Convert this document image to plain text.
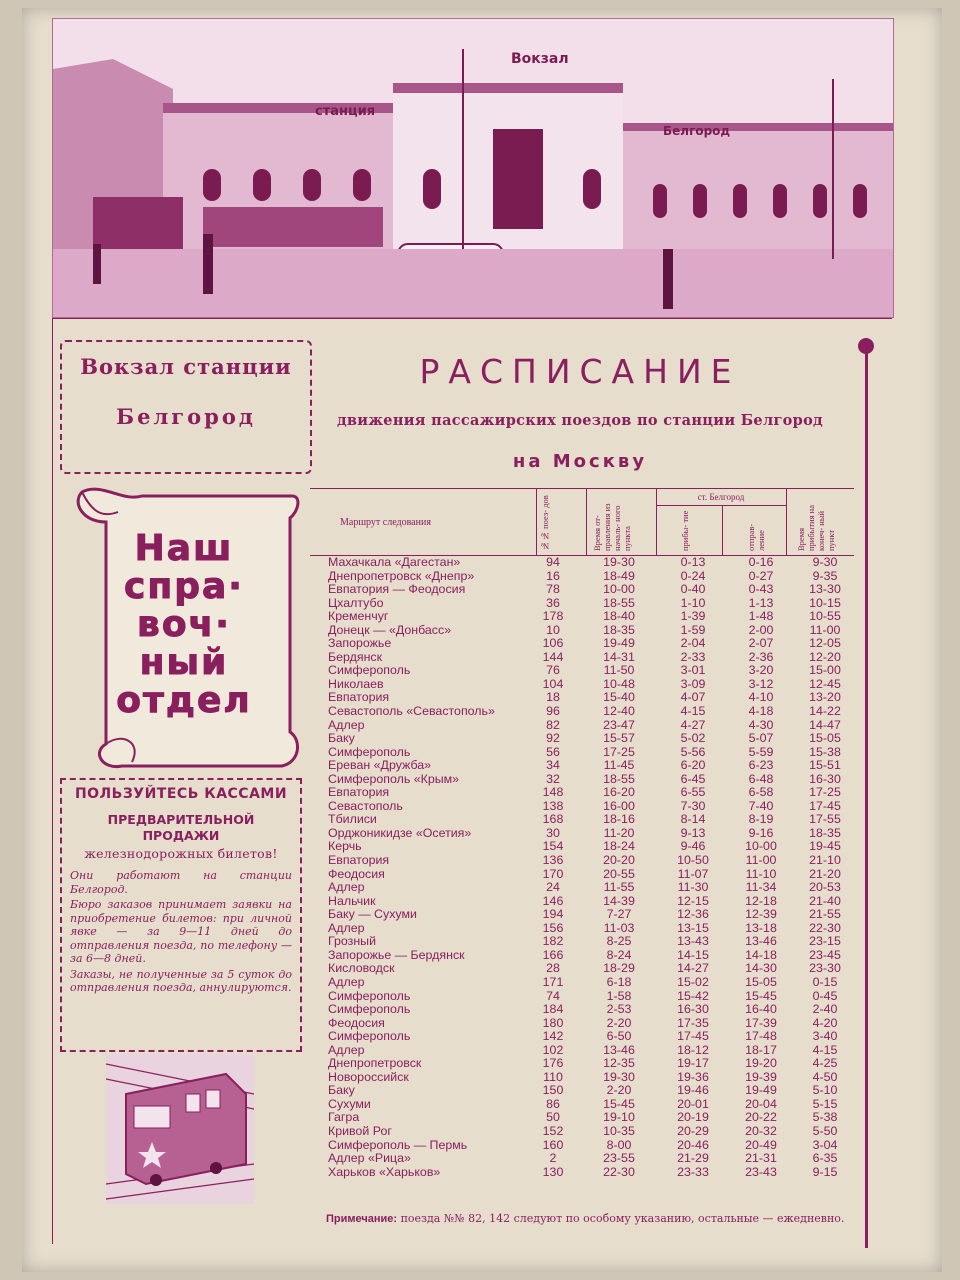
Вокзал
станция
Белгород
Вокзал станции
Белгород
Наш
спра·
воч·
ный
отдел
ПОЛЬЗУЙТЕСЬ КАССАМИ
ПРЕДВАРИТЕЛЬНОЙ
ПРОДАЖИ
железнодорожных билетов!
Они работают на станции Белгород.
Бюро заказов принимает заявки на приобретение билетов: при личной явке — за 9—11 дней до отправления поезда, по телефону — за 6—8 дней.
Заказы, не полученные за 5 суток до отправления поезда, аннулируются.
РАСПИСАНИЕ
движения пассажирских поездов по станции Белгород
на Москву
Маршрут следования	№№ поез- дов	Время от- правления из началь- ного пункта
ст. Белгород
прибы- тие	отправ- ление	Время прибытия на конеч- ный пункт
Махачкала «Дагестан»	94	19-30	0-13	0-16	9-30
Днепропетровск «Днепр»	16	18-49	0-24	0-27	9-35
Евпатория — Феодосия	78	10-00	0-40	0-43	13-30
Цхалтубо	36	18-55	1-10	1-13	10-15
Кременчуг	178	18-40	1-39	1-48	10-55
Донецк — «Донбасс»	10	18-35	1-59	2-00	11-00
Запорожье	106	19-49	2-04	2-07	12-05
Бердянск	144	14-31	2-33	2-36	12-20
Симферополь	76	11-50	3-01	3-20	15-00
Николаев	104	10-48	3-09	3-12	12-45
Евпатория	18	15-40	4-07	4-10	13-20
Севастополь «Севастополь»	96	12-40	4-15	4-18	14-22
Адлер	82	23-47	4-27	4-30	14-47
Баку	92	15-57	5-02	5-07	15-05
Симферополь	56	17-25	5-56	5-59	15-38
Ереван «Дружба»	34	11-45	6-20	6-23	15-51
Симферополь «Крым»	32	18-55	6-45	6-48	16-30
Евпатория	148	16-20	6-55	6-58	17-25
Севастополь	138	16-00	7-30	7-40	17-45
Тбилиси	168	18-16	8-14	8-19	17-55
Орджоникидзе «Осетия»	30	11-20	9-13	9-16	18-35
Керчь	154	18-24	9-46	10-00	19-45
Евпатория	136	20-20	10-50	11-00	21-10
Феодосия	170	20-55	11-07	11-10	21-20
Адлер	24	11-55	11-30	11-34	20-53
Нальчик	146	14-39	12-15	12-18	21-40
Баку — Сухуми	194	7-27	12-36	12-39	21-55
Адлер	156	11-03	13-15	13-18	22-30
Грозный	182	8-25	13-43	13-46	23-15
Запорожье — Бердянск	166	8-24	14-15	14-18	23-45
Кисловодск	28	18-29	14-27	14-30	23-30
Адлер	171	6-18	15-02	15-05	0-15
Симферополь	74	1-58	15-42	15-45	0-45
Симферополь	184	2-53	16-30	16-40	2-40
Феодосия	180	2-20	17-35	17-39	4-20
Симферополь	142	6-50	17-45	17-48	3-40
Адлер	102	13-46	18-12	18-17	4-15
Днепропетровск	176	12-35	19-17	19-20	4-25
Новороссийск	110	19-30	19-36	19-39	4-50
Баку	150	2-20	19-46	19-49	5-10
Сухуми	86	15-45	20-01	20-04	5-15
Гагра	50	19-10	20-19	20-22	5-38
Кривой Рог	152	10-35	20-29	20-32	5-50
Симферополь — Пермь	160	8-00	20-46	20-49	3-04
Адлер «Рица»	2	23-55	21-29	21-31	6-35
Харьков «Харьков»	130	22-30	23-33	23-43	9-15
Примечание: поезда №№ 82, 142 следуют по особому указанию, остальные — ежедневно.
